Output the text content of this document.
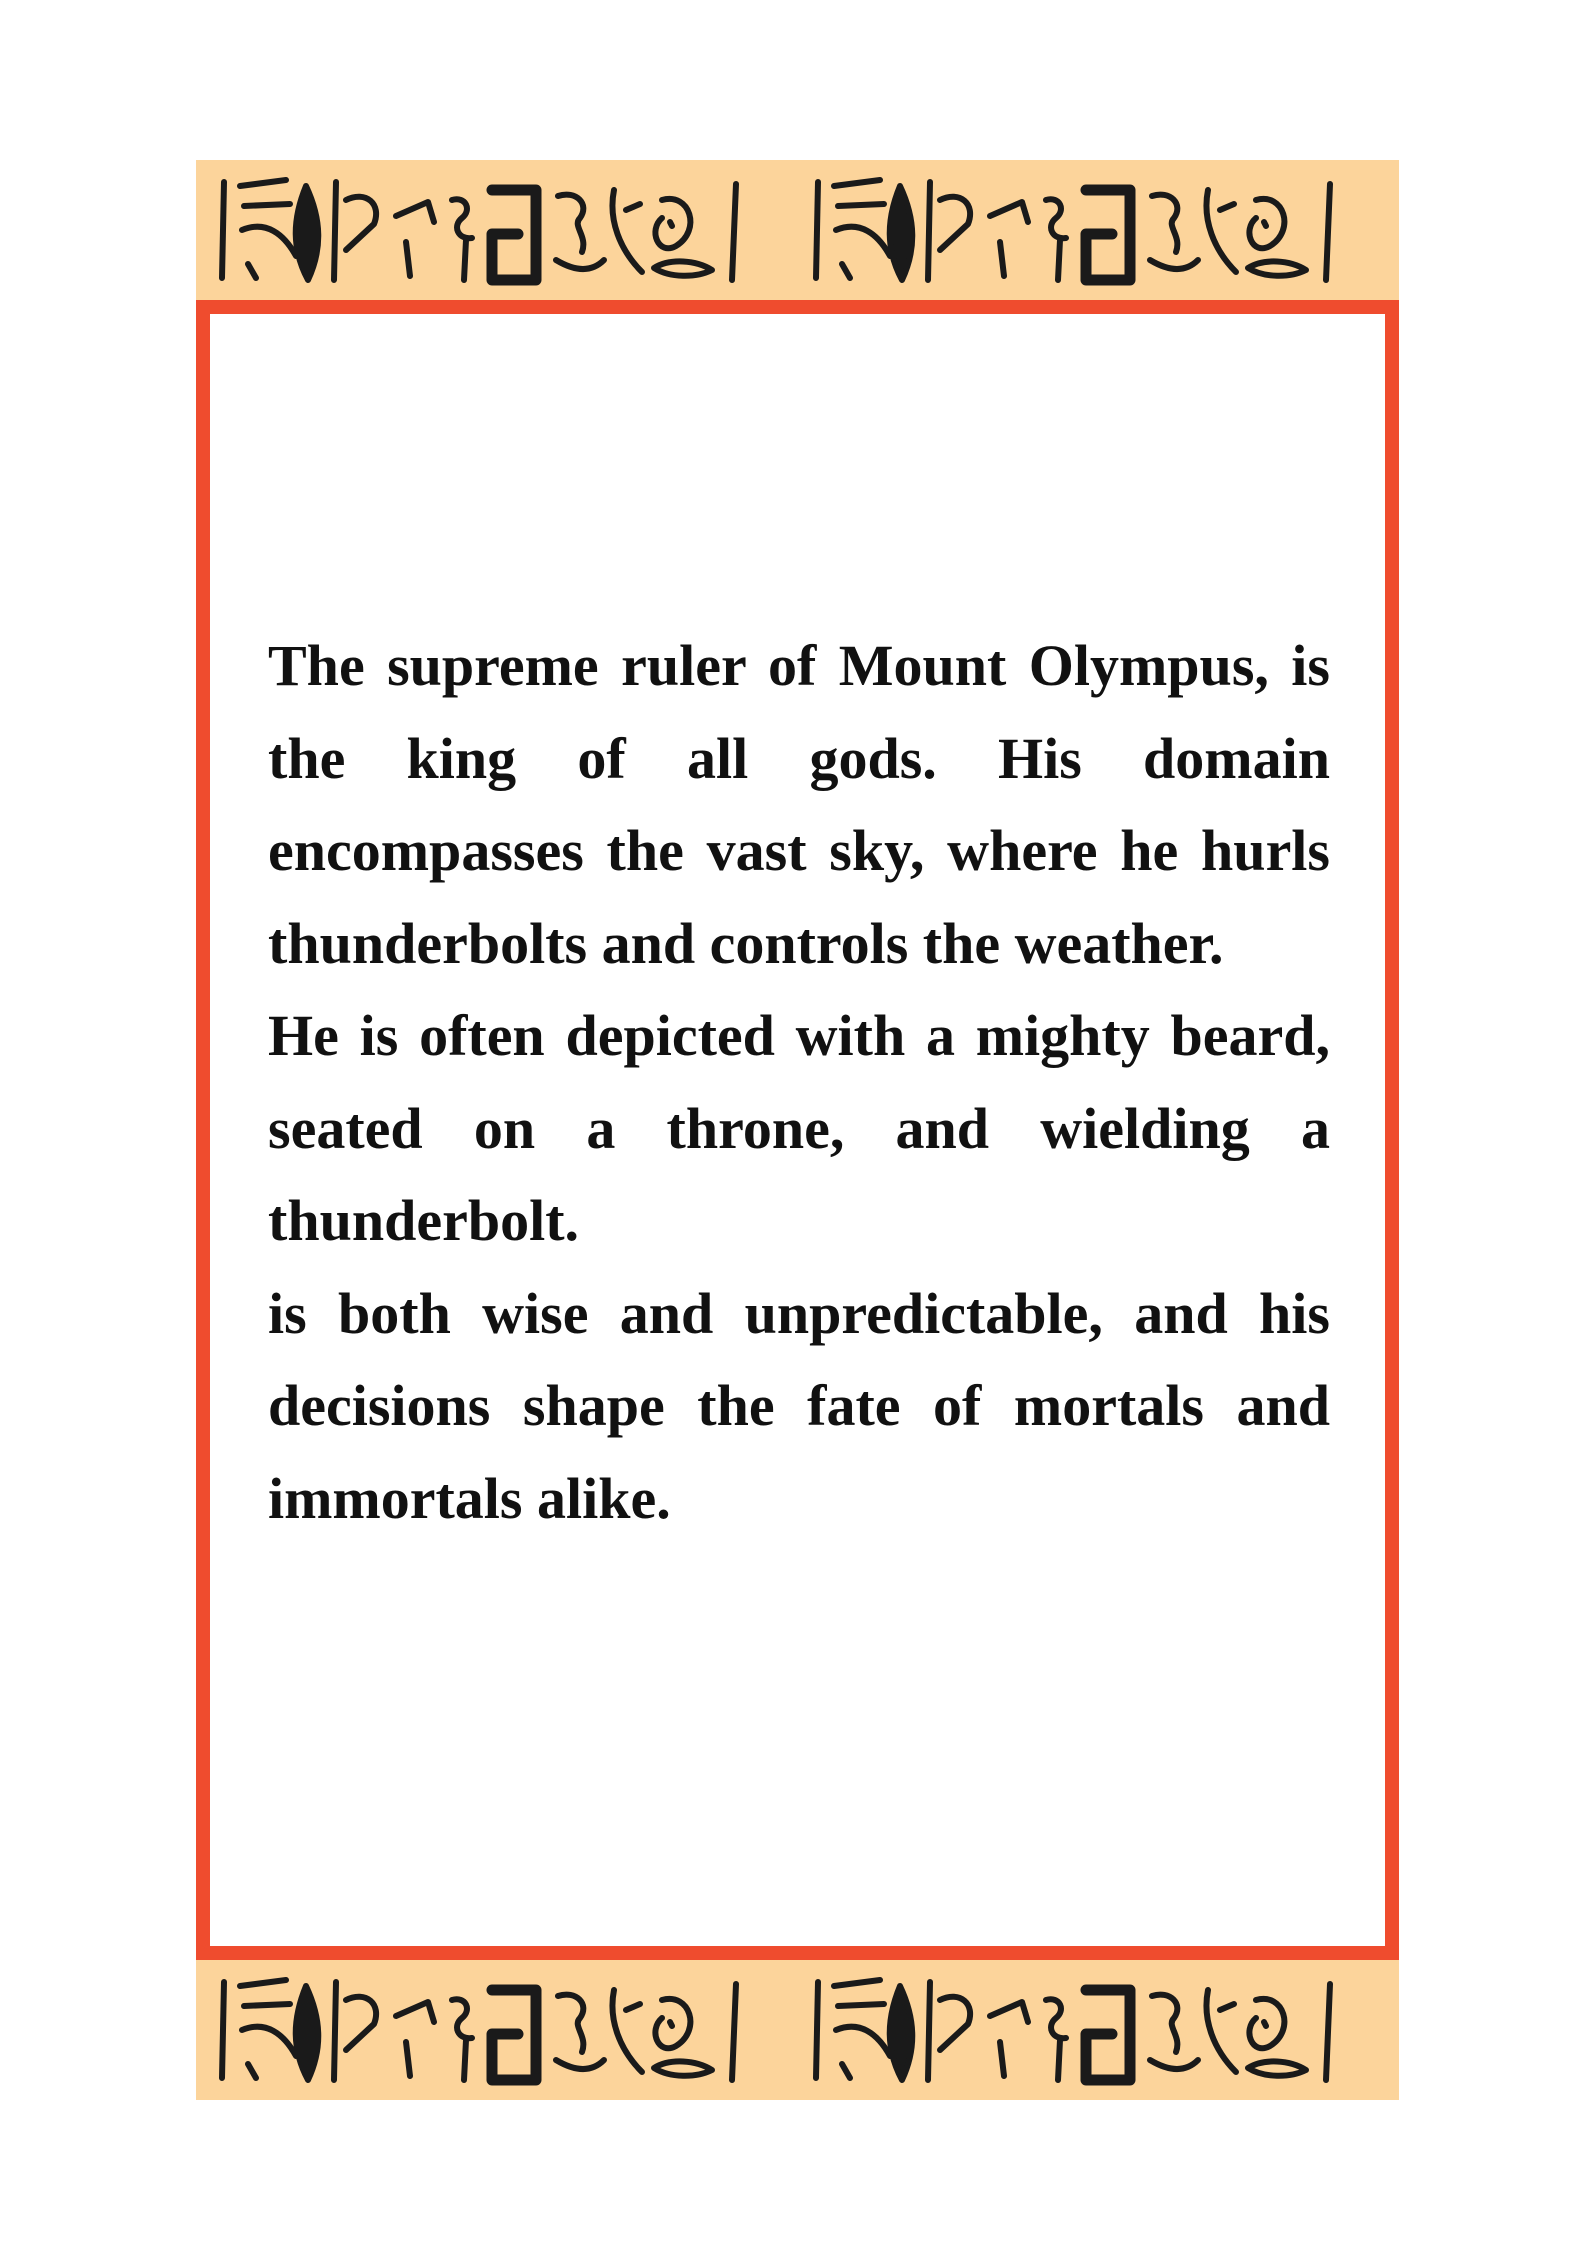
The supreme ruler of Mount Olympus, is the king of all gods. His domain encompasses the vast sky, where he hurls thunderbolts and controls the weather.

He is often depicted with a mighty beard, seated on a throne, and wielding a thunderbolt.

is both wise and unpredictable, and his decisions shape the fate of mortals and immortals alike.
